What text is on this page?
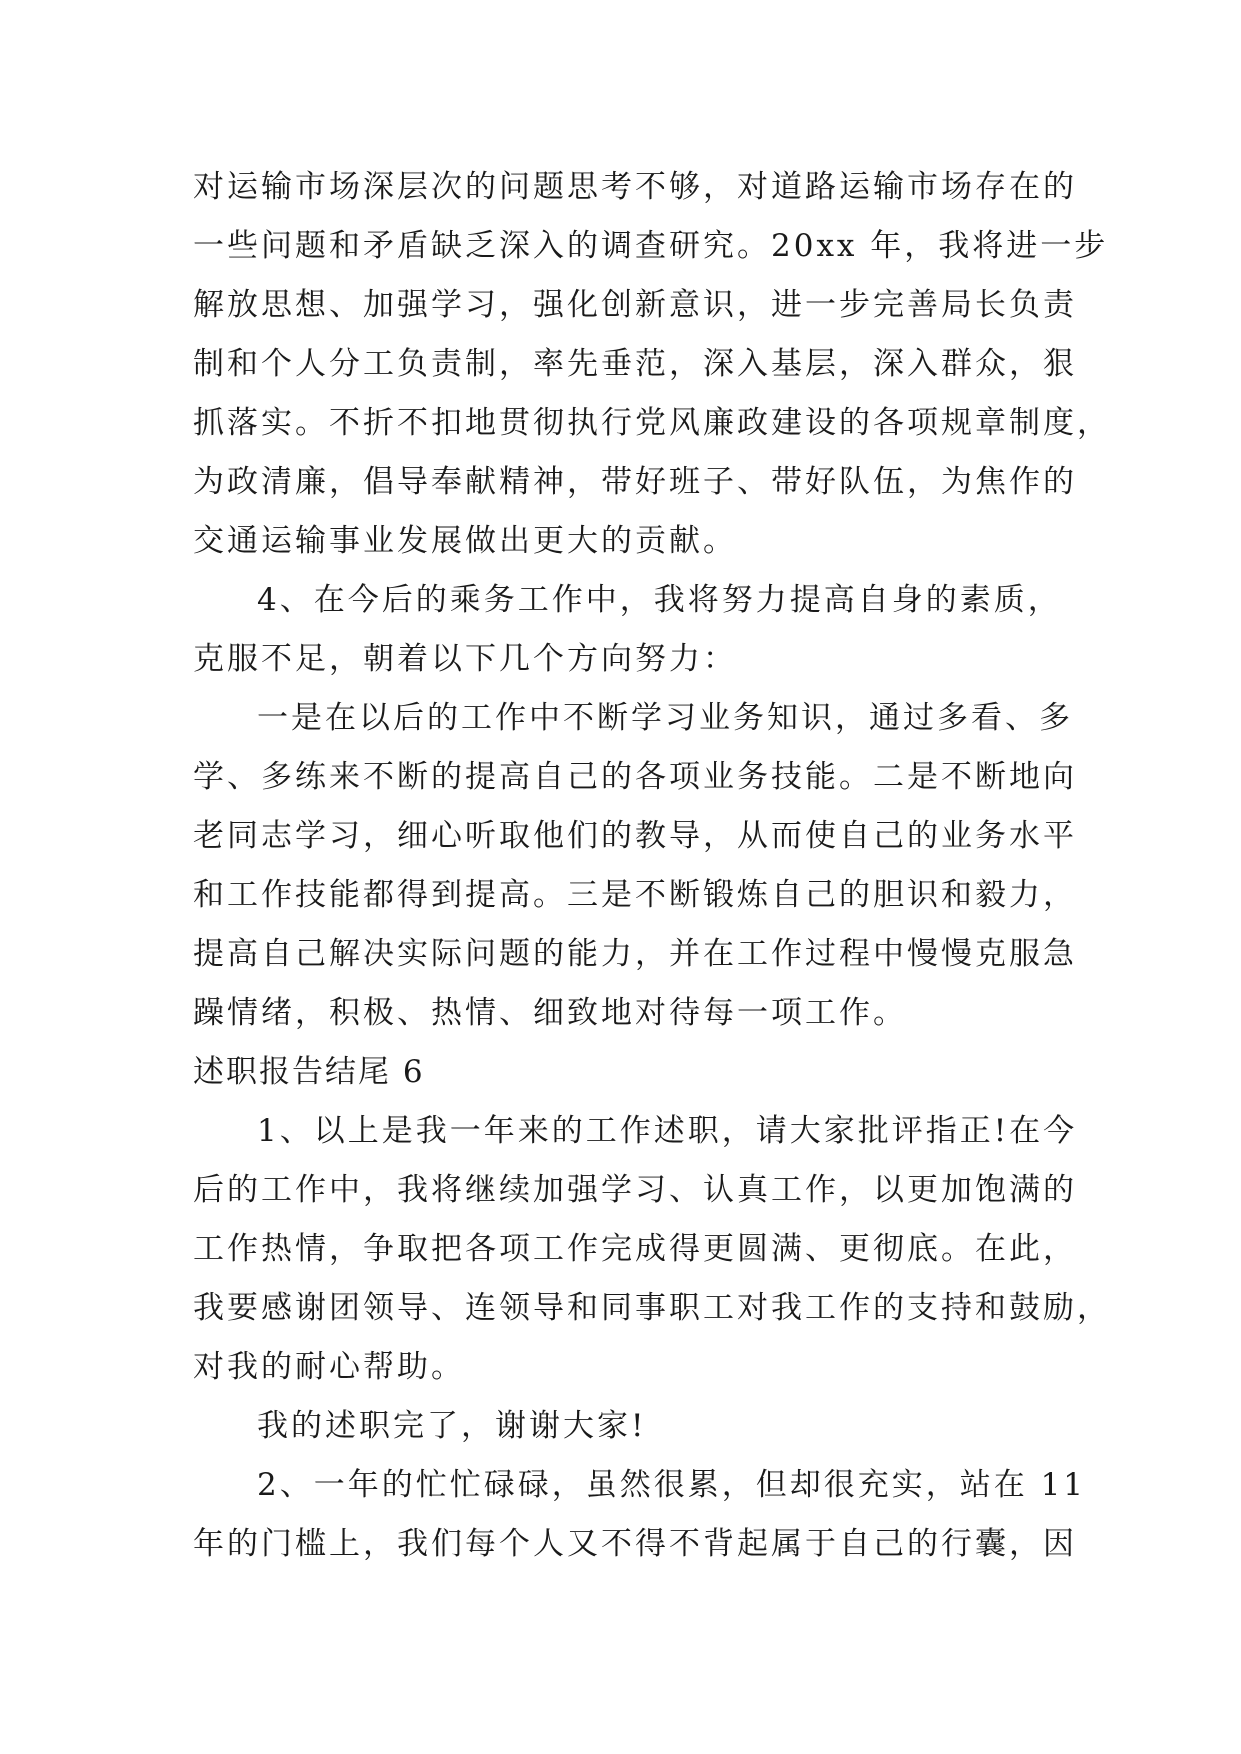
对运输市场深层次的问题思考不够，对道路运输市场存在的
一些问题和矛盾缺乏深入的调查研究。20xx 年，我将进一步
解放思想、加强学习，强化创新意识，进一步完善局长负责
制和个人分工负责制，率先垂范，深入基层，深入群众，狠
抓落实。不折不扣地贯彻执行党风廉政建设的各项规章制度，
为政清廉，倡导奉献精神，带好班子、带好队伍，为焦作的
交通运输事业发展做出更大的贡献。
4、在今后的乘务工作中，我将努力提高自身的素质，
克服不足，朝着以下几个方向努力：
一是在以后的工作中不断学习业务知识，通过多看、多
学、多练来不断的提高自己的各项业务技能。二是不断地向
老同志学习，细心听取他们的教导，从而使自己的业务水平
和工作技能都得到提高。三是不断锻炼自己的胆识和毅力，
提高自己解决实际问题的能力，并在工作过程中慢慢克服急
躁情绪，积极、热情、细致地对待每一项工作。
述职报告结尾 6
1、以上是我一年来的工作述职，请大家批评指正!在今
后的工作中，我将继续加强学习、认真工作，以更加饱满的
工作热情，争取把各项工作完成得更圆满、更彻底。在此，
我要感谢团领导、连领导和同事职工对我工作的支持和鼓励，
对我的耐心帮助。
我的述职完了，谢谢大家!
2、一年的忙忙碌碌，虽然很累，但却很充实，站在 11
年的门槛上，我们每个人又不得不背起属于自己的行囊，因
